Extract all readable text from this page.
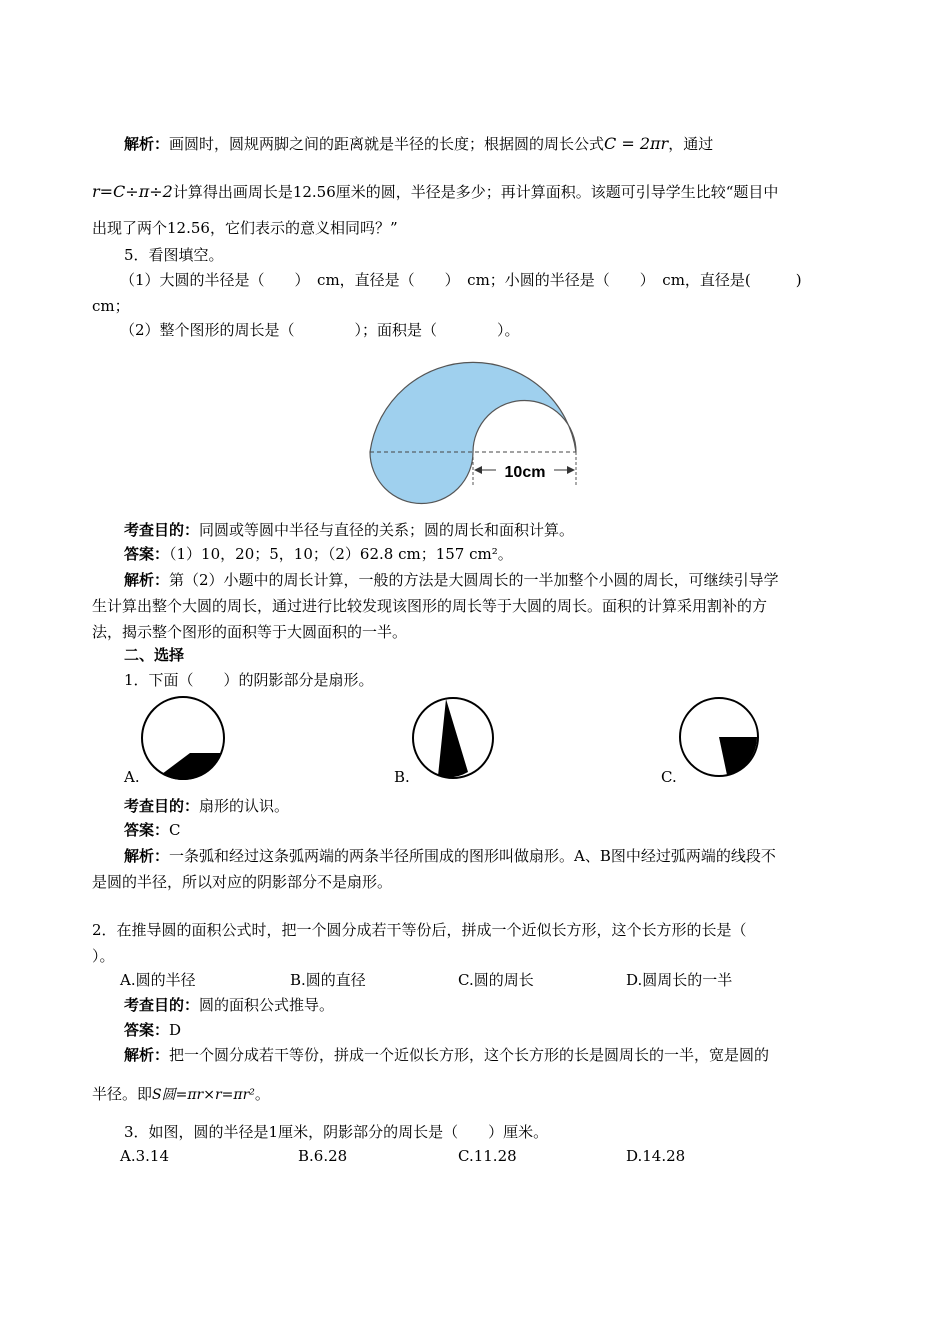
解析：画圆时，圆规两脚之间的距离就是半径的长度；根据圆的周长公式C = 2πr，通过
r=C÷π÷2计算得出画周长是12.56厘米的圆，半径是多少；再计算面积。该题可引导学生比较“题目中
出现了两个12.56，它们表示的意义相同吗？”
5．看图填空。
（1）大圆的半径是（　　）　cm，直径是（　　）　cm；小圆的半径是（　　）　cm，直径是(　　　)
cm；
（2）整个图形的周长是（　　　　）；面积是（　　　　）。
10cm
考查目的：同圆或等圆中半径与直径的关系；圆的周长和面积计算。
答案：（1）10，20；5，10；（2）62.8 cm；157 cm²。
解析：第（2）小题中的周长计算，一般的方法是大圆周长的一半加整个小圆的周长，可继续引导学
生计算出整个大圆的周长，通过进行比较发现该图形的周长等于大圆的周长。面积的计算采用割补的方
法，揭示整个图形的面积等于大圆面积的一半。
二、选择
1．下面（　　）的阴影部分是扇形。
A.	B.	C.
考查目的：扇形的认识。
答案：C
解析：一条弧和经过这条弧两端的两条半径所围成的图形叫做扇形。A、B图中经过弧两端的线段不
是圆的半径，所以对应的阴影部分不是扇形。
2．在推导圆的面积公式时，把一个圆分成若干等份后，拼成一个近似长方形，这个长方形的长是（
）。
A.圆的半径	B.圆的直径	C.圆的周长	D.圆周长的一半
考查目的：圆的面积公式推导。
答案：D
解析：把一个圆分成若干等份，拼成一个近似长方形，这个长方形的长是圆周长的一半，宽是圆的
半径。即S圆=πr×r=πr²。
3．如图，圆的半径是1厘米，阴影部分的周长是（　　）厘米。
A.3.14	B.6.28	C.11.28	D.14.28
